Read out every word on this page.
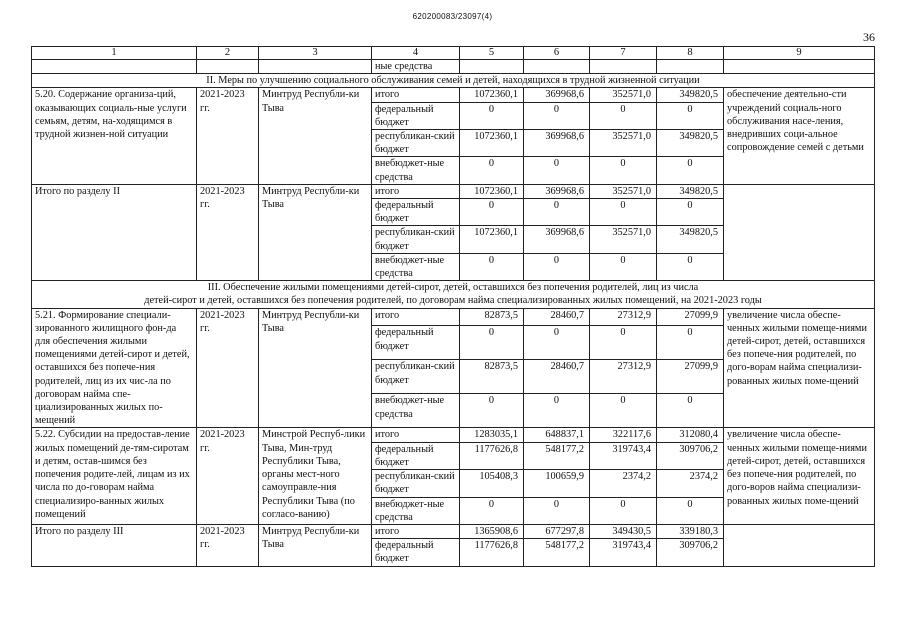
620200083/23097(4)
36
1	2	3	4	5	6	7	8	9
			ные средства					
II. Меры по улучшению социального обслуживания семей и детей, находящихся в трудной жизненной ситуации								
5.20. Содержание организа-ций, оказывающих социаль-ные услуги семьям, детям, на-ходящимся в трудной жизнен-ной ситуации	2021-2023 гг.	Минтруд Республи-ки Тыва	итого	1072360,1	369968,6	352571,0	349820,5	обеспечение деятельно-сти учреждений социаль-ного обслуживания насе-ления, внедривших соци-альное сопровождение семей с детьми
			федеральный бюджет	0	0	0	0	
			республикан-ский бюджет	1072360,1	369968,6	352571,0	349820,5	
			внебюджет-ные средства	0	0	0	0	
Итого по разделу II	2021-2023 гг.	Минтруд Республи-ки Тыва	итого	1072360,1	369968,6	352571,0	349820,5	
			федеральный бюджет	0	0	0	0	
			республикан-ский бюджет	1072360,1	369968,6	352571,0	349820,5	
			внебюджет-ные средства	0	0	0	0	

III. Обеспечение жилыми помещениями детей-сирот, детей, оставшихся без попечения родителей, лиц из числа
детей-сирот и детей, оставшихся без попечения родителей, по договорам найма специализированных жилых помещений, на 2021-2023 годы								

5.21. Формирование специали-зированного жилищного фон-да для обеспечения жилыми помещениями детей-сирот и детей, оставшихся без попече-ния родителей, лиц из их чис-ла по договорам найма спе-циализированных жилых по-мещений	2021-2023 гг.	Минтруд Республи-ки Тыва	итого	82873,5	28460,7	27312,9	27099,9	увеличение числа обеспе-ченных жилыми помеще-ниями детей-сирот, детей, оставшихся без попече-ния родителей, по дого-ворам найма специализи-рованных жилых поме-щений
			федеральный бюджет	0	0	0	0	
			республикан-ский бюджет	82873,5	28460,7	27312,9	27099,9	
			внебюджет-ные средства	0	0	0	0	
5.22. Субсидии на предостав-ление жилых помещений де-тям-сиротам и детям, остав-шимся без попечения родите-лей, лицам из их числа по до-говорам найма специализиро-ванных жилых помещений	2021-2023 гг.	Минстрой Респуб-лики Тыва, Мин-труд Республики Тыва, органы мест-ного самоуправле-ния Республики Тыва (по согласо-ванию)	итого	1283035,1	648837,1	322117,6	312080,4	увеличение числа обеспе-ченных жилыми помеще-ниями детей-сирот, детей, оставшихся без попече-ния родителей, по дого-воров найма специализи-рованных жилых поме-щений
			федеральный бюджет	1177626,8	548177,2	319743,4	309706,2	
			республикан-ский бюджет	105408,3	100659,9	2374,2	2374,2	
			внебюджет-ные средства	0	0	0	0	
Итого по разделу III	2021-2023 гг.	Минтруд Республи-ки Тыва	итого	1365908,6	677297,8	349430,5	339180,3	
			федеральный бюджет	1177626,8	548177,2	319743,4	309706,2	
